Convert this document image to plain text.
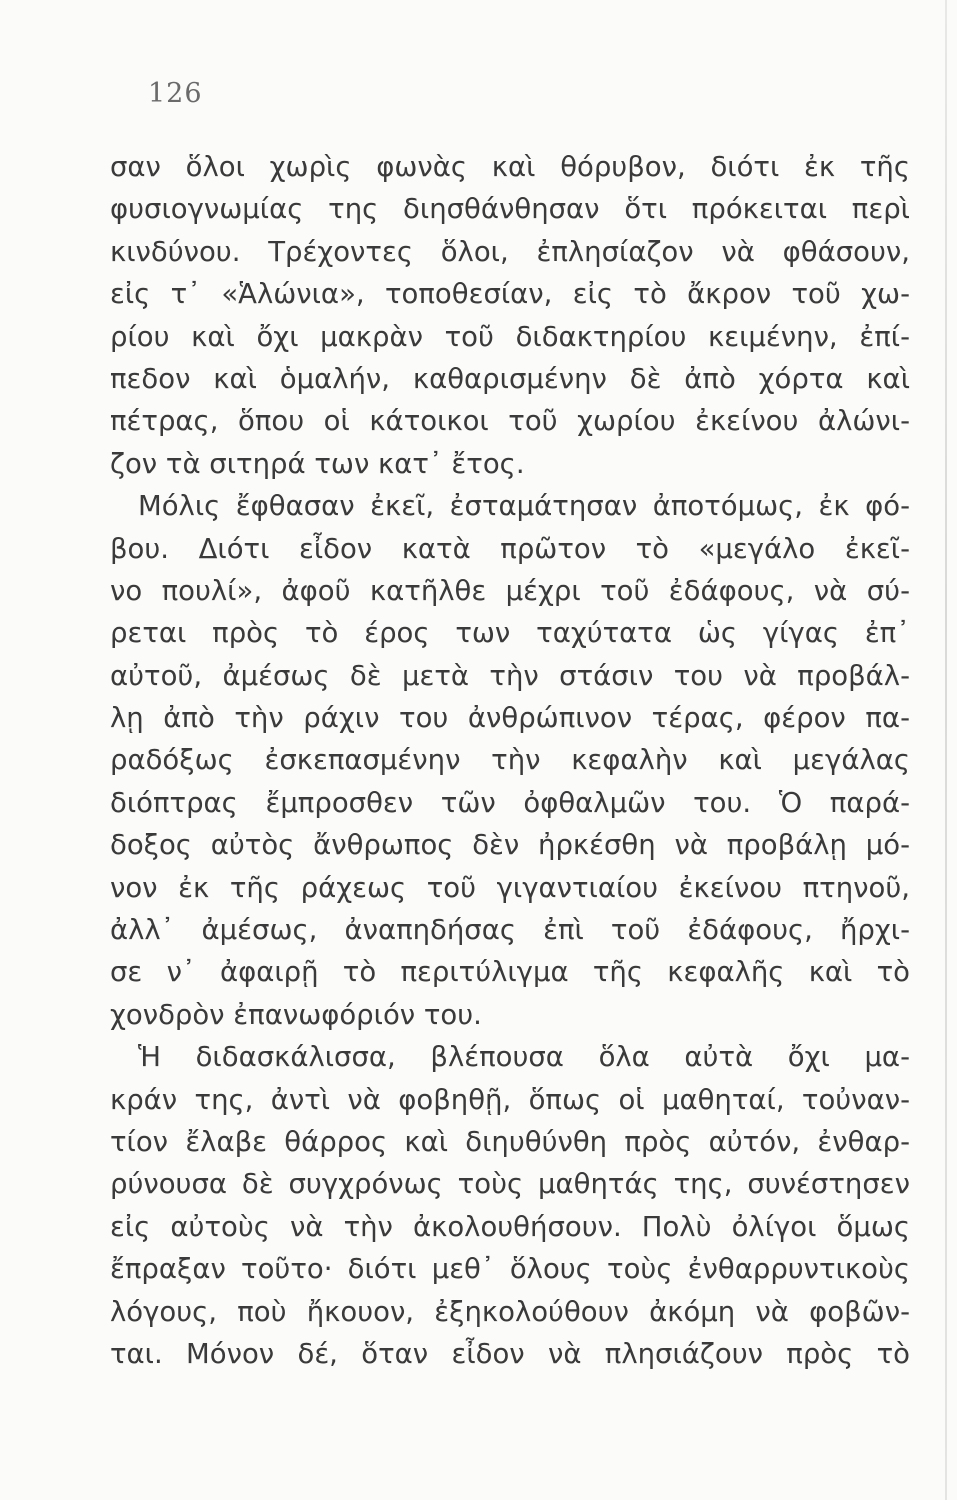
126
σαν ὅλοι χωρὶς φωνὰς καὶ θόρυβον, διότι ἐκ τῆς
φυσιογνωμίας της διησθάνθησαν ὅτι πρόκειται περὶ
κινδύνου. Τρέχοντες ὅλοι, ἐπλησίαζον νὰ φθάσουν,
εἰς τ᾽ «Ἁλώνια», τοποθεσίαν, εἰς τὸ ἄκρον τοῦ χω-
ρίου καὶ ὄχι μακρὰν τοῦ διδακτηρίου κειμένην, ἐπί-
πεδον καὶ ὁμαλήν, καθαρισμένην δὲ ἀπὸ χόρτα καὶ
πέτρας, ὅπου οἱ κάτοικοι τοῦ χωρίου ἐκείνου ἀλώνι-
ζον τὰ σιτηρά των κατ᾽ ἔτος.
Μόλις ἔφθασαν ἐκεῖ, ἐσταμάτησαν ἀποτόμως, ἐκ φό-
βου. Διότι εἶδον κατὰ πρῶτον τὸ «μεγάλο ἐκεῖ-
νο πουλί», ἀφοῦ κατῆλθε μέχρι τοῦ ἐδάφους, νὰ σύ-
ρεται πρὸς τὸ έρος των ταχύτατα ὡς γίγας ἐπ᾽
αὐτοῦ, ἀμέσως δὲ μετὰ τὴν στάσιν του νὰ προβάλ-
λῃ ἀπὸ τὴν ράχιν του ἀνθρώπινον τέρας, φέρον πα-
ραδόξως ἐσκεπασμένην τὴν κεφαλὴν καὶ μεγάλας
διόπτρας ἔμπροσθεν τῶν ὀφθαλμῶν του. Ὁ παρά-
δοξος αὐτὸς ἄνθρωπος δὲν ἠρκέσθη νὰ προβάλῃ μό-
νον ἐκ τῆς ράχεως τοῦ γιγαντιαίου ἐκείνου πτηνοῦ,
ἀλλ᾽ ἀμέσως, ἀναπηδήσας ἐπὶ τοῦ ἐδάφους, ἤρχι-
σε ν᾽ ἀφαιρῇ τὸ περιτύλιγμα τῆς κεφαλῆς καὶ τὸ
χονδρὸν ἐπανωφόριόν του.
Ἡ διδασκάλισσα, βλέπουσα ὅλα αὐτὰ ὄχι μα-
κράν της, ἀντὶ νὰ φοβηθῇ, ὅπως οἱ μαθηταί, τοὐναν-
τίον ἔλαβε θάρρος καὶ διηυθύνθη πρὸς αὐτόν, ἐνθαρ-
ρύνουσα δὲ συγχρόνως τοὺς μαθητάς της, συνέστησεν
εἰς αὐτοὺς νὰ τὴν ἀκολουθήσουν. Πολὺ ὀλίγοι ὅμως
ἔπραξαν τοῦτο· διότι μεθ᾽ ὅλους τοὺς ἐνθαρρυντικοὺς
λόγους, ποὺ ἤκουον, ἐξηκολούθουν ἀκόμη νὰ φοβῶν-
ται. Μόνον δέ, ὅταν εἶδον νὰ πλησιάζουν πρὸς τὸ
